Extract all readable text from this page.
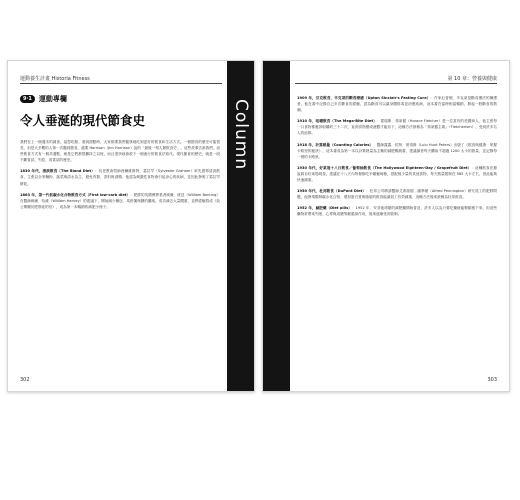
運動養生計畫 Historia Fitness
Column
9·1	運動專欄
令人垂涎的現代節食史

我們在上一個週末的調查，當您吃飯、看到甜點時，大家都要我們健康地吃到更好的飲食和生活方式。一頓節食的歷史可能很長，但是大多數的人第一次聽到節食，還要 Harrison（Jim Harrison）說的「最後一刻人類飲食史」。這些故事告訴我們，這些飲食方式有一個共通點，就是它們都很難持之以恆，而且很快就會被下一個流行的飲食法取代。現代節食的歷史，就是一段不斷嘗試、失敗、再嘗試的歷史。

1830 年代，清淡飲食（The Bland Diet）：長老教會牧師西爾維斯特．葛拉罕（Sylvester Graham）率先倡導清淡飲食，主張以全麥麵粉、蔬菜與清水為主，避免肉類、香料與酒精，他認為刺激性食物會引起身心的疾病，並因此發明了葛拉罕餅乾。

1863 年，第一代低碳水化合物飲食方式（First low-carb diet）：肥胖的英國殯葬業者威廉．班廷（William Banting）在醫師威廉．哈維（William Harvey）的建議下，開始減少麵包、馬鈴薯與糖的攝取，成功減去大量體重，並將經驗寫成《致公眾關於肥胖症的信》，成為第一本暢銷的減肥小冊子。

302
第 10 章：營養與健康

1909 年，芬克飲食，辛克萊的斷食療癒（Upton Sinclair's Fasting Cure）：作家厄普頓．辛克萊是斷食療法的擁護者，他在書中記錄自己多次斷食的經驗，認為斷食可以讓身體排毒並治癒疾病，這本書在當時相當暢銷，掀起一股斷食的熱潮。

1910 年，咀嚼飲食（The Mega-Bite Diet）：霍瑞斯．弗萊徹（Horace Fletcher）是一位富有的美國商人，他主張每一口食物都應該咀嚼約三十二次，直到食物變成液體才能吞下，這種方法被稱為「弗萊徹主義」（Fletcherism），受到許多名人的追捧。

1918 年，計算熱量（Counting Calories）：醫師露露．杭特．彼得斯（Lulu Hunt Peters）出版了《飲食與健康：掌握卡路里的秘訣》，這本書成為第一本以計算熱量為主軸的減肥暢銷書，建議讀者每天攝取不超過 1200 大卡的熱量，並記錄每一餐的卡路里。

1930 年代，好萊塢十八日飲食／葡萄柚飲食（The Hollywood Eighteen-Day / Grapefruit Diet）：這種飲食法據說源自好萊塢明星，建議在十八天內每餐都吃半顆葡萄柚，搭配極少量的其他食物，每天熱量限制在 585 大卡左右，因此能夠快速減重。

1950 年代，杜邦飲食（DuPont Diet）：杜邦公司聘請醫師艾弗瑞德．潘寧頓（Alfred Pennington）研究員工的肥胖問題，他發現限制碳水化合物、增加蛋白質與脂肪的飲食能讓員工有效減重，這種方法後來被稱為杜邦飲食。

1952 年，減肥藥（Diet pills）：1952 年，安非他命類的減肥藥開始普及，許多人以為只要吃藥就能輕鬆瘦下來，但這些藥物常帶來失眠、心悸與成癮等嚴重副作用，後來逐漸受到管制。

303
